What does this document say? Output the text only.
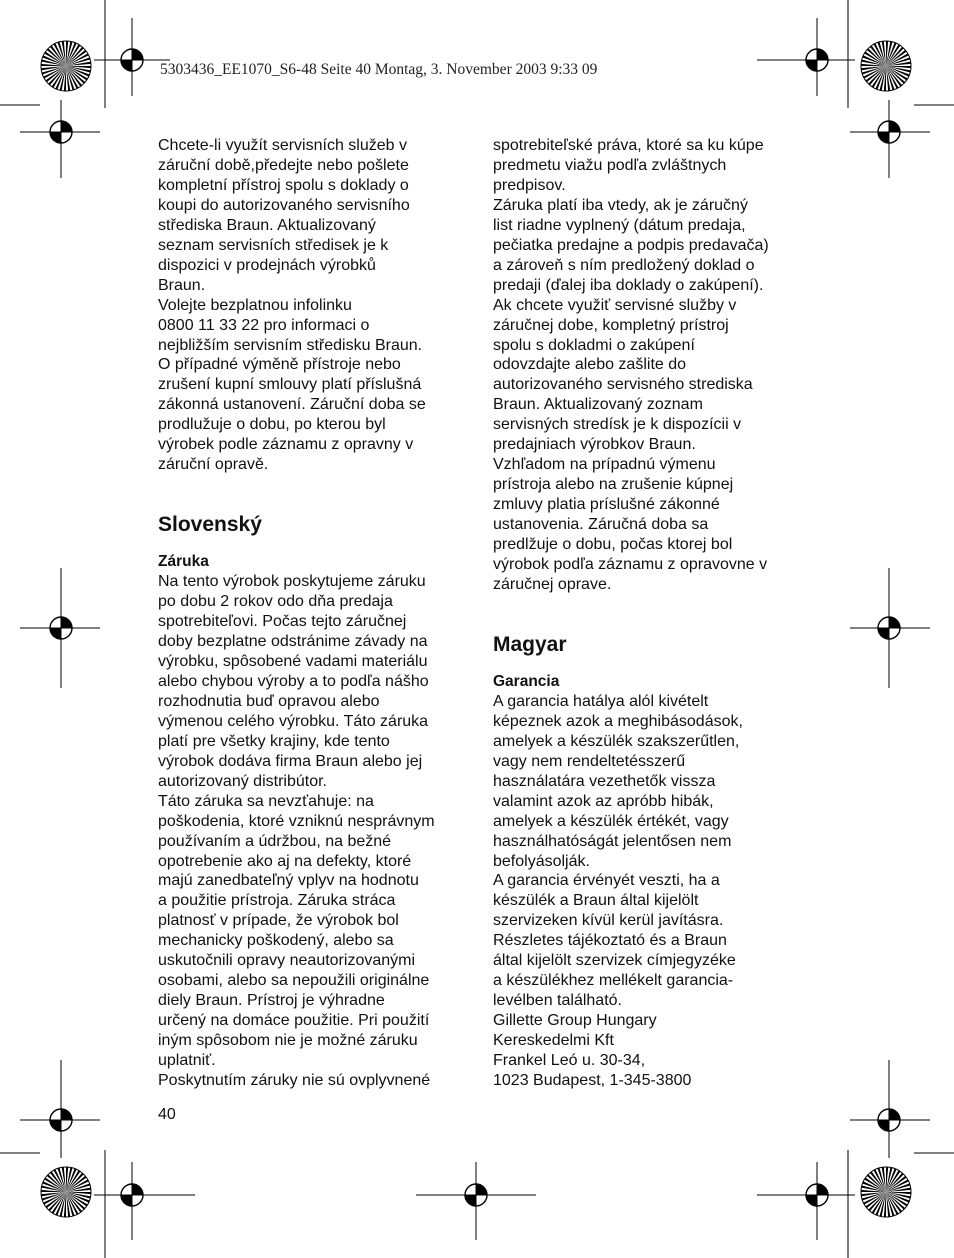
5303436_EE1070_S6-48 Seite 40 Montag, 3. November 2003 9:33 09

Chcete-li využít servisních služeb v
záruční době,předejte nebo pošlete
kompletní přístroj spolu s doklady o
koupi do autorizovaného servisního
střediska Braun. Aktualizovaný
seznam servisních středisek je k
dispozici v prodejnách výrobků
Braun.
Volejte bezplatnou infolinku
0800 11 33 22 pro informaci o
nejbližším servisním středisku Braun.
O případné výměně přístroje nebo
zrušení kupní smlouvy platí příslušná
zákonná ustanovení. Záruční doba se
prodlužuje o dobu, po kterou byl
výrobek podle záznamu z opravny v
záruční opravě.

Slovenský
Záruka

Na tento výrobok poskytujeme záruku
po dobu 2 rokov odo dňa predaja
spotrebiteľovi. Počas tejto záručnej
doby bezplatne odstránime závady na
výrobku, spôsobené vadami materiálu
alebo chybou výroby a to podľa nášho
rozhodnutia buď opravou alebo
výmenou celého výrobku. Táto záruka
platí pre všetky krajiny, kde tento
výrobok dodáva firma Braun alebo jej
autorizovaný distribútor.
Táto záruka sa nevzťahuje: na
poškodenia, ktoré vzniknú nesprávnym
používaním a údržbou, na bežné
opotrebenie ako aj na defekty, ktoré
majú zanedbateľný vplyv na hodnotu
a použitie prístroja. Záruka stráca
platnosť v prípade, že výrobok bol
mechanicky poškodený, alebo sa
uskutočnili opravy neautorizovanými
osobami, alebo sa nepoužili originálne
diely Braun. Prístroj je výhradne
určený na domáce použitie. Pri použití
iným spôsobom nie je možné záruku
uplatniť.
Poskytnutím záruky nie sú ovplyvnené

spotrebiteľské práva, ktoré sa ku kúpe
predmetu viažu podľa zvláštnych
predpisov.
Záruka platí iba vtedy, ak je záručný
list riadne vyplnený (dátum predaja,
pečiatka predajne a podpis predavača)
a zároveň s ním predložený doklad o
predaji (ďalej iba doklady o zakúpení).
Ak chcete využiť servisné služby v
záručnej dobe, kompletný prístroj
spolu s dokladmi o zakúpení
odovzdajte alebo zašlite do
autorizovaného servisného strediska
Braun. Aktualizovaný zoznam
servisných stredísk je k dispozícii v
predajniach výrobkov Braun.
Vzhľadom na prípadnú výmenu
prístroja alebo na zrušenie kúpnej
zmluvy platia príslušné zákonné
ustanovenia. Záručná doba sa
predlžuje o dobu, počas ktorej bol
výrobok podľa záznamu z opravovne v
záručnej oprave.

Magyar
Garancia

A garancia hatálya alól kivételt
képeznek azok a meghibásodások,
amelyek a készülék szakszerűtlen,
vagy nem rendeltetésszerű
használatára vezethetők vissza
valamint azok az apróbb hibák,
amelyek a készülék értékét, vagy
használhatóságát jelentősen nem
befolyásolják.
A garancia érvényét veszti, ha a
készülék a Braun által kijelölt
szervizeken kívül kerül javításra.
Részletes tájékoztató és a Braun
által kijelölt szervizek címjegyzéke
a készülékhez mellékelt garancia-
levélben található.
Gillette Group Hungary
Kereskedelmi Kft
Frankel Leó u. 30-34,
1023 Budapest, 1-345-3800

40
